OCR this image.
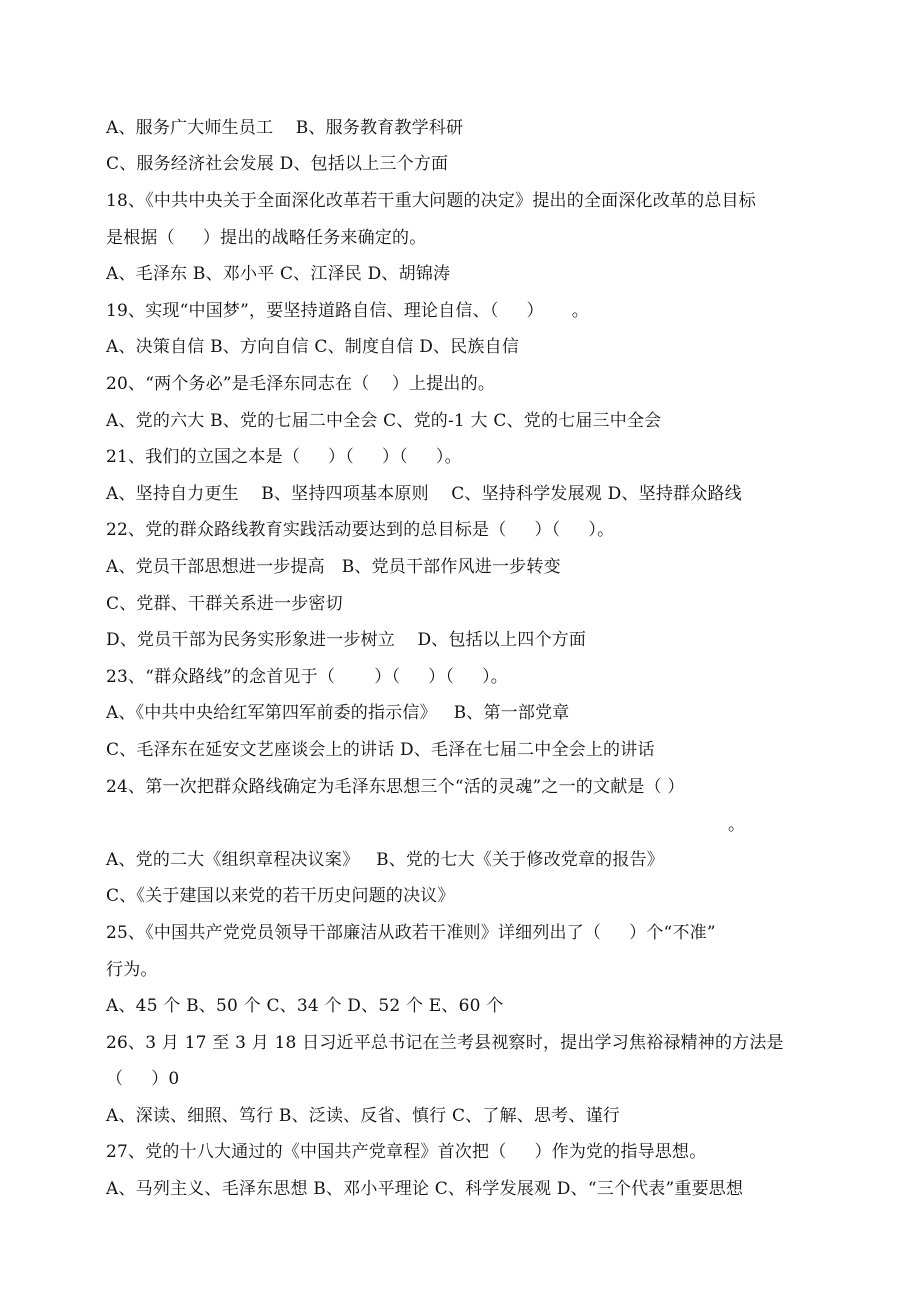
A、服务广大师生员工    B、服务教育教学科研
C、服务经济社会发展 D、包括以上三个方面
18、《中共中央关于全面深化改革若干重大问题的决定》提出的全面深化改革的总目标
是根据（     ）提出的战略任务来确定的。
A、毛泽东 B、邓小平 C、江泽民 D、胡锦涛
19、实现“中国梦”，要坚持道路自信、理论自信、（     ）     。
A、决策自信 B、方向自信 C、制度自信 D、民族自信
20、“两个务必”是毛泽东同志在（    ）上提出的。
A、党的六大 B、党的七届二中全会 C、党的-1 大 C、党的七届三中全会
21、我们的立国之本是（     ）（     ）（     ）。
A、坚持自力更生    B、坚持四项基本原则    C、坚持科学发展观 D、坚持群众路线
22、党的群众路线教育实践活动要达到的总目标是（     ）（     ）。
A、党员干部思想进一步提高   B、党员干部作风进一步转变
C、党群、干群关系进一步密切
D、党员干部为民务实形象进一步树立    D、包括以上四个方面
23、“群众路线”的念首见于（       ）（     ）（     ）。
A、《中共中央给红军第四军前委的指示信》   B、第一部党章
C、毛泽东在延安文艺座谈会上的讲话 D、毛泽在七届二中全会上的讲话
24、第一次把群众路线确定为毛泽东思想三个“活的灵魂”之一的文献是（ ）
。
A、党的二大《组织章程决议案》   B、党的七大《关于修改党章的报告》
C、《关于建国以来党的若干历史问题的决议》
25、《中国共产党党员领导干部廉洁从政若干准则》详细列出了（     ）个“不准”
行为。
A、45 个 B、50 个 C、34 个 D、52 个 E、60 个
26、3 月 17 至 3 月 18 日习近平总书记在兰考县视察时，提出学习焦裕禄精神的方法是
（     ）0
A、深读、细照、笃行 B、泛读、反省、慎行 C、了解、思考、谨行
27、党的十八大通过的《中国共产党章程》首次把（     ）作为党的指导思想。
A、马列主义、毛泽东思想 B、邓小平理论 C、科学发展观 D、“三个代表”重要思想
